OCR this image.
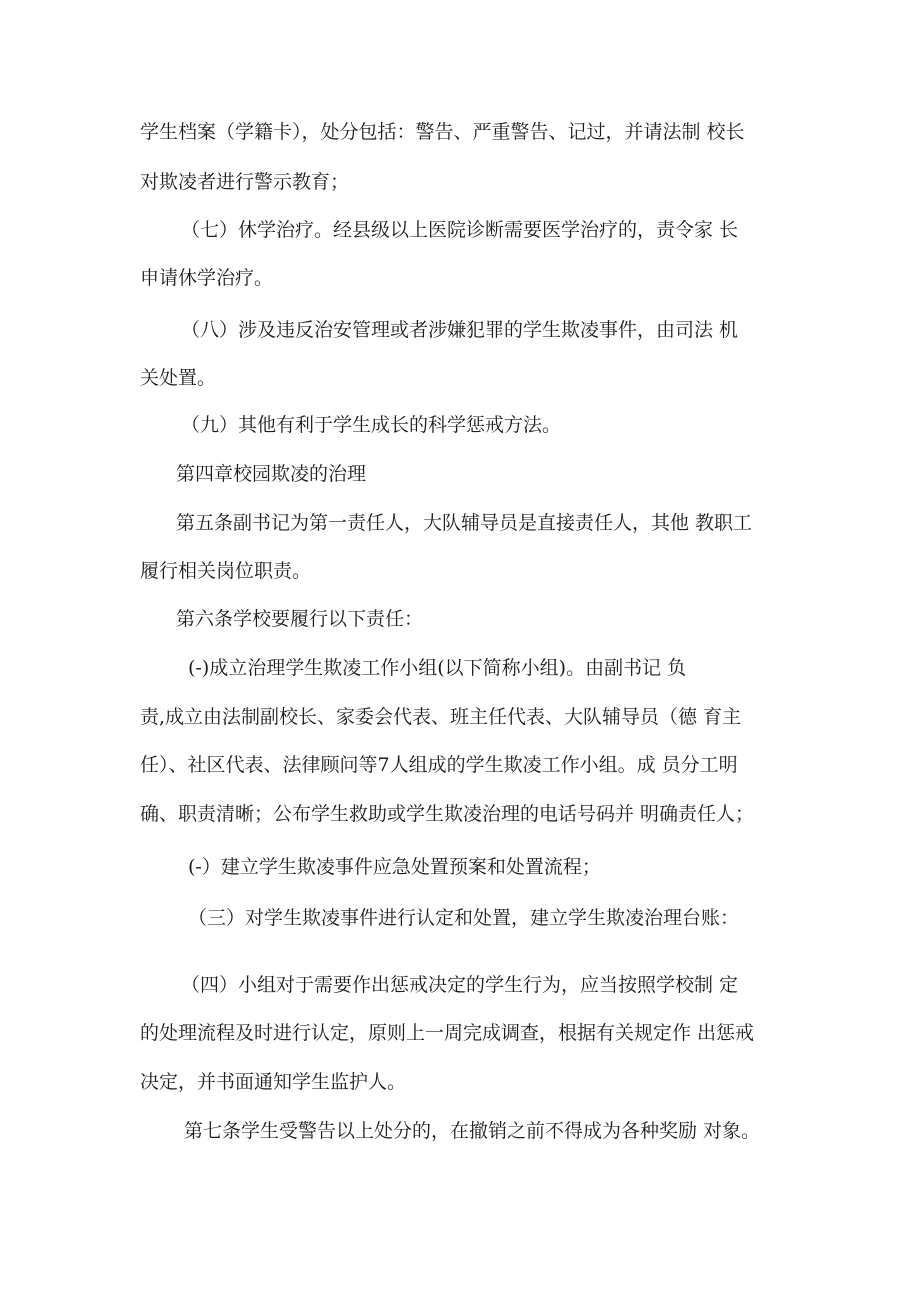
学生档案（学籍卡），处分包括：警告、严重警告、记过，并请法制 校长
对欺凌者进行警示教育；
（七）休学治疗。经县级以上医院诊断需要医学治疗的，责令家 长
申请休学治疗。
（八）涉及违反治安管理或者涉嫌犯罪的学生欺凌事件，由司法 机
关处置。
（九）其他有利于学生成长的科学惩戒方法。
第四章校园欺凌的治理
第五条副书记为第一责任人，大队辅导员是直接责任人，其他 教职工
履行相关岗位职责。
第六条学校要履行以下责任：
(-)成立治理学生欺凌工作小组(以下简称小组)。由副书记 负
责,成立由法制副校长、家委会代表、班主任代表、大队辅导员（德 育主
任）、社区代表、法律顾问等7人组成的学生欺凌工作小组。成 员分工明
确、职责清晰；公布学生救助或学生欺凌治理的电话号码并 明确责任人；
(-）建立学生欺凌事件应急处置预案和处置流程；
（三）对学生欺凌事件进行认定和处置，建立学生欺凌治理台账：
（四）小组对于需要作出惩戒决定的学生行为，应当按照学校制 定
的处理流程及时进行认定，原则上一周完成调查，根据有关规定作 出惩戒
决定，并书面通知学生监护人。
第七条学生受警告以上处分的，在撤销之前不得成为各种奖励 对象。
